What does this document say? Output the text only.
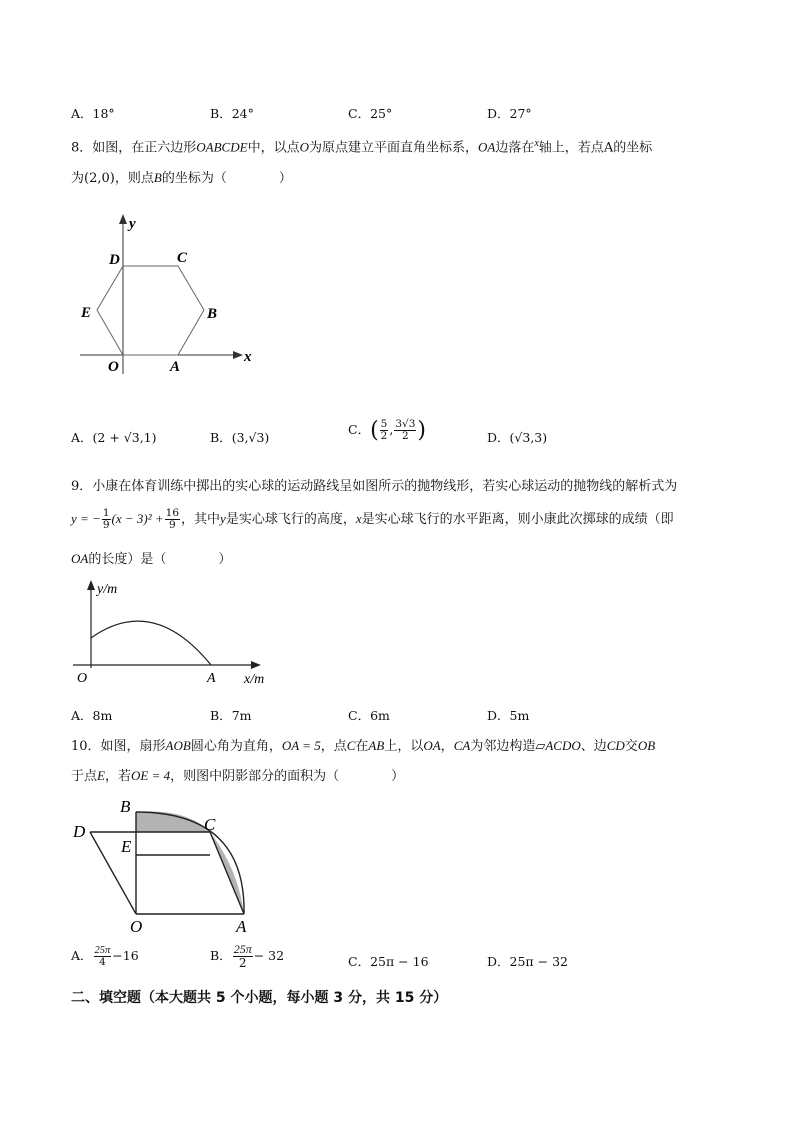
A．18°	B．24°	C．25°	D．27°
8．如图，在正六边形OABCDE中，以点O为原点建立平面直角坐标系，OA边落在$^x$轴上，若点A的坐标
为(2,0)，则点B的坐标为（　　　　）
y
x
D	C
E	B
O	A
A．(2 + √3,1)	B．(3,√3)
C．( $\frac{5}{2}$ , $\frac{3√3}{2}$ )	D．(√3,3)
9．小康在体育训练中掷出的实心球的运动路线呈如图所示的抛物线形，若实心球运动的抛物线的解析式为
y = − $\frac{1}{9} (x - 3)^2 + \frac{16}{9}$ ，其中y是实心球飞行的高度，x是实心球飞行的水平距离，则小康此次掷球的成绩（即
OA的长度）是（　　　　）
y/m
x/m
O	A
A．8m	B．7m	C．6m	D．5m
10．如图，扇形AOB圆心角为直角，OA = 5，点C在AB上，以OA，CA为邻边构造▱ACDO、边CD交OB
于点E，若OE = 4，则图中阴影部分的面积为（　　　　）
B
C
D
E
O	A
A． $\frac{25\pi}{4} -16$	B． $\frac{25\pi}{2} - 32$	C．25π − 16	D．25π − 32
二、填空题（本大题共 5 个小题，每小题 3 分，共 15 分）
